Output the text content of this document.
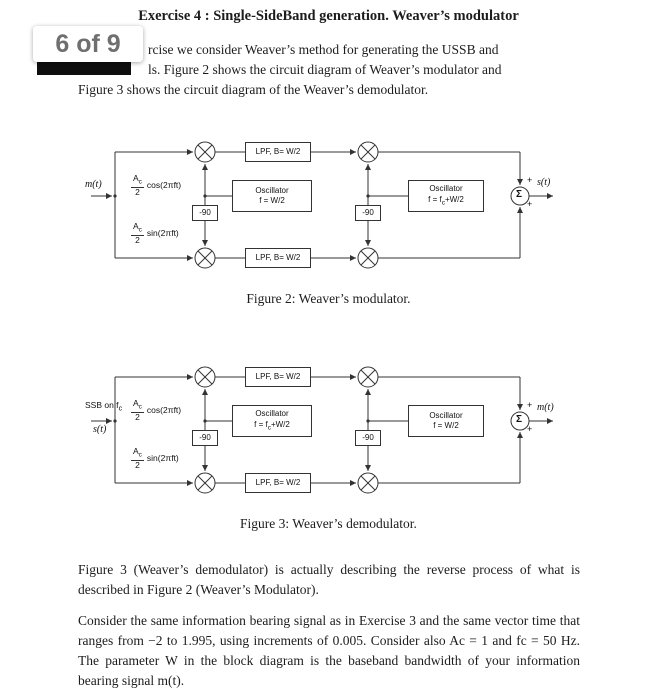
Exercise 4 : Single-SideBand generation. Weaver’s modulator
rcise we consider Weaver’s method for generating the USSB and
ls. Figure 2 shows the circuit diagram of Weaver’s modulator and
Figure 3 shows the circuit diagram of the Weaver’s demodulator.
6 of 9
m(t)	$\frac{A_c}{2} \cos(2\pi ft)$
$\frac{A_c}{2} \sin(2\pi ft)$
LPF, B= W/2
LPF, B= W/2
Oscillator
f = W/2
Oscillator
$f = f_c+W/2$
-90	-90
Σ
+
+
s(t)
Figure 2: Weaver’s modulator.
SSB on $f_c$
s(t)
$\frac{A_c}{2} \cos(2\pi ft)$
$\frac{A_c}{2} \sin(2\pi ft)$
LPF, B= W/2
LPF, B= W/2
Oscillator
$f = f_c+W/2$
Oscillator
f = W/2
-90	-90
Σ
+
+
m(t)
Figure 3: Weaver’s demodulator.
Figure 3 (Weaver’s demodulator) is actually describing the reverse process of what is described in Figure 2 (Weaver’s Modulator).
Consider the same information bearing signal as in Exercise 3 and the same vector time that ranges from −2 to 1.995, using increments of 0.005. Consider also Ac = 1 and fc = 50 Hz. The parameter W in the block diagram is the baseband bandwidth of your information bearing signal m(t).
